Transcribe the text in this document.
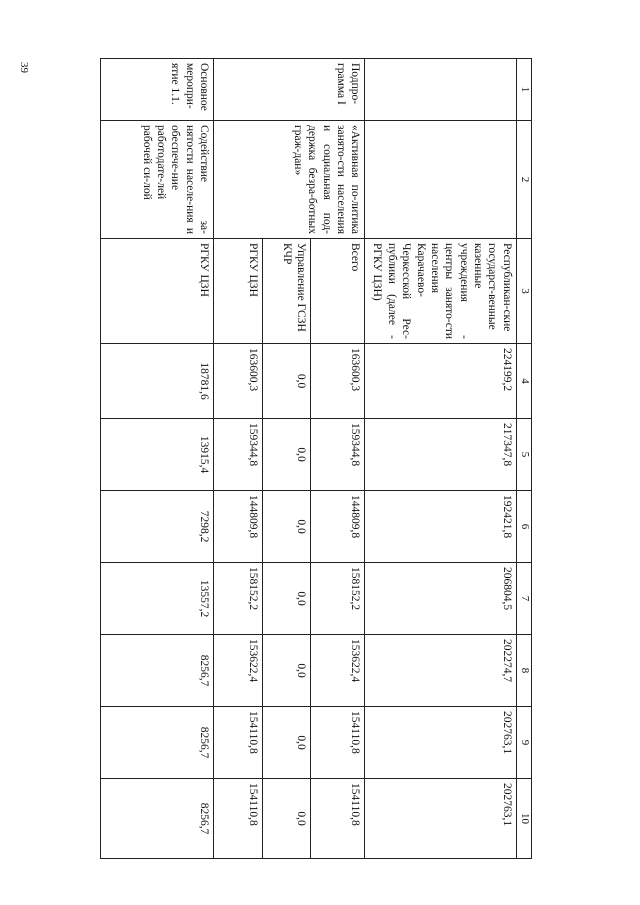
39
1	2	3	4	5	6	7	8	9	10
		Республикан-ские государст-венные казенные учреждения - центры занято-сти населения Карачаево-Черкесской Рес-публики (далее - РГКУ ЦЗН)	224199,2	217347,8	192421,8	206804,5	202274,7	202763,1	202763,1
Подпро-грамма I	«Активная по-литика занято-сти населения и социальная под-держка безра-ботных граж-дан»	Всего	163600,3	159344,8	144809,8	158152,2	153622,4	154110,8	154110,8
		Управление ГСЗН КЧР	0,0	0,0	0,0	0,0	0,0	0,0	0,0
		РГКУ ЦЗН	163600,3	159344,8	144809,8	158152,2	153622,4	154110,8	154110,8
Основное меропри-ятие 1.1.	Содействие за-нятости населе-ния и обеспече-ние работодате-лей рабочей си-лой	РГКУ ЦЗН	18781,6	13915,4	7298,2	13557,2	8256,7	8256,7	8256,7
